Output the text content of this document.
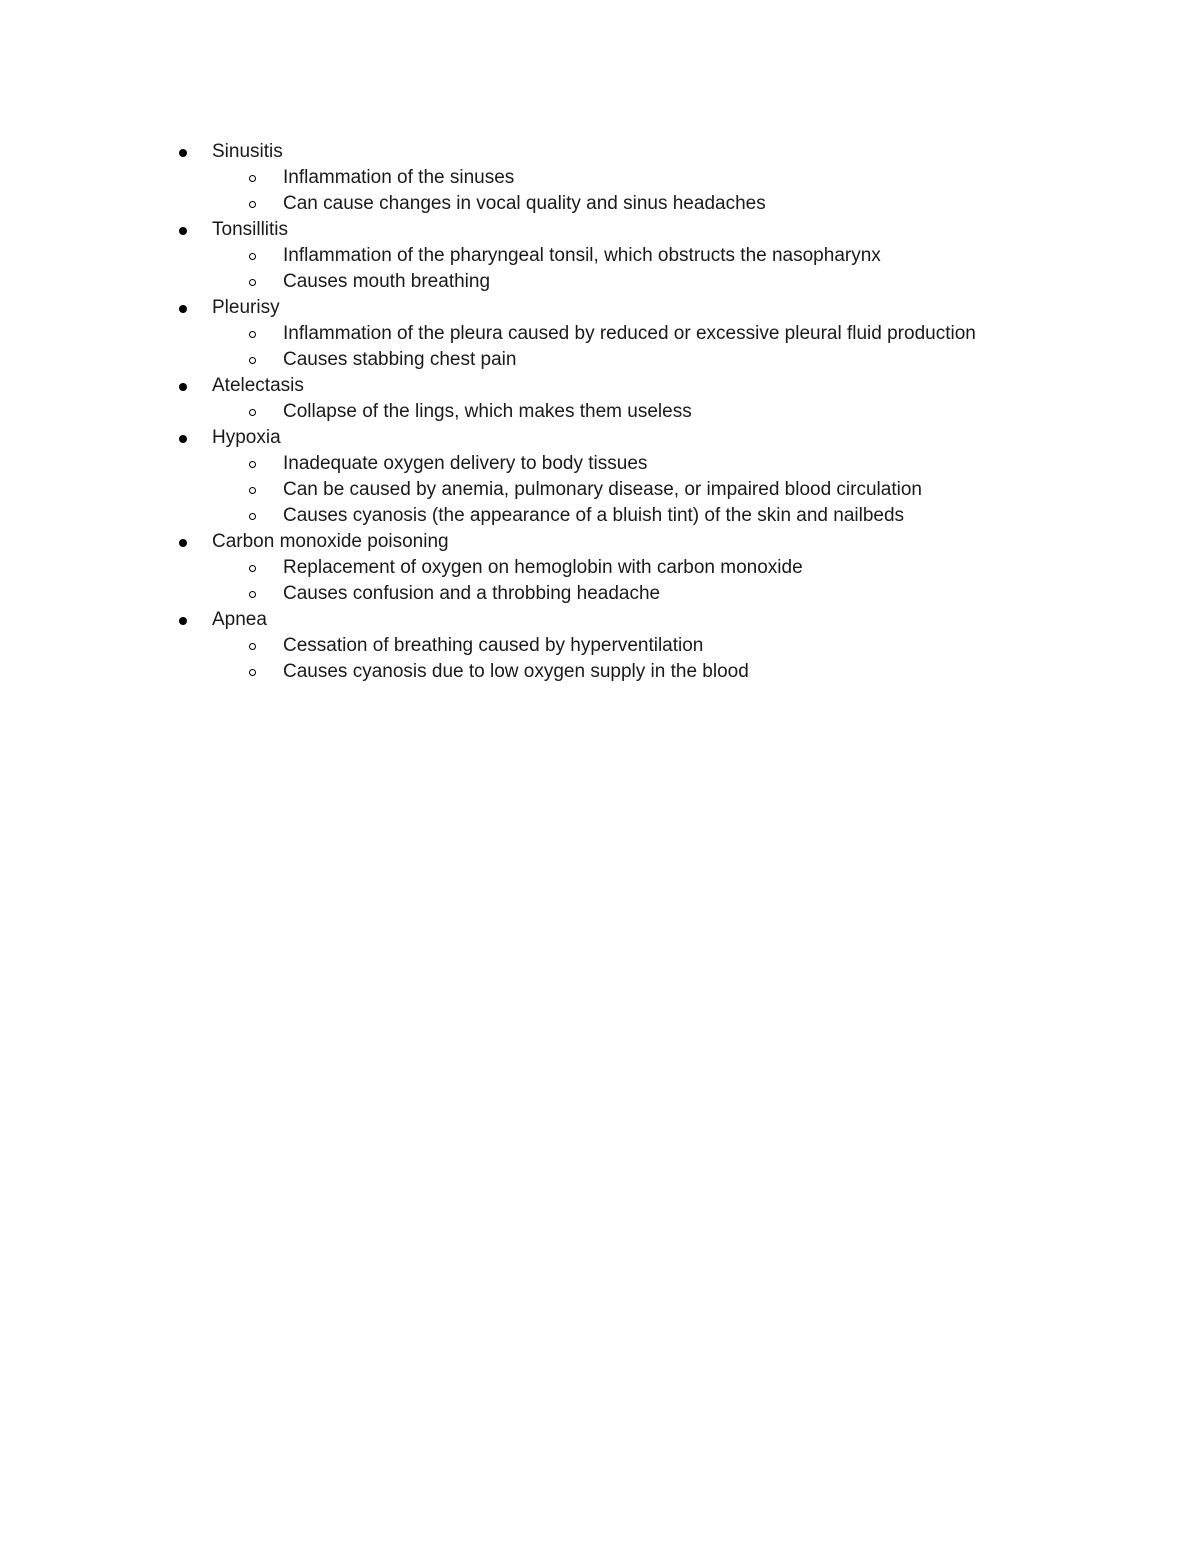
Sinusitis
Inflammation of the sinuses
Can cause changes in vocal quality and sinus headaches
Tonsillitis
Inflammation of the pharyngeal tonsil, which obstructs the nasopharynx
Causes mouth breathing
Pleurisy
Inflammation of the pleura caused by reduced or excessive pleural fluid production
Causes stabbing chest pain
Atelectasis
Collapse of the lings, which makes them useless
Hypoxia
Inadequate oxygen delivery to body tissues
Can be caused by anemia, pulmonary disease, or impaired blood circulation
Causes cyanosis (the appearance of a bluish tint) of the skin and nailbeds
Carbon monoxide poisoning
Replacement of oxygen on hemoglobin with carbon monoxide
Causes confusion and a throbbing headache
Apnea
Cessation of breathing caused by hyperventilation
Causes cyanosis due to low oxygen supply in the blood
